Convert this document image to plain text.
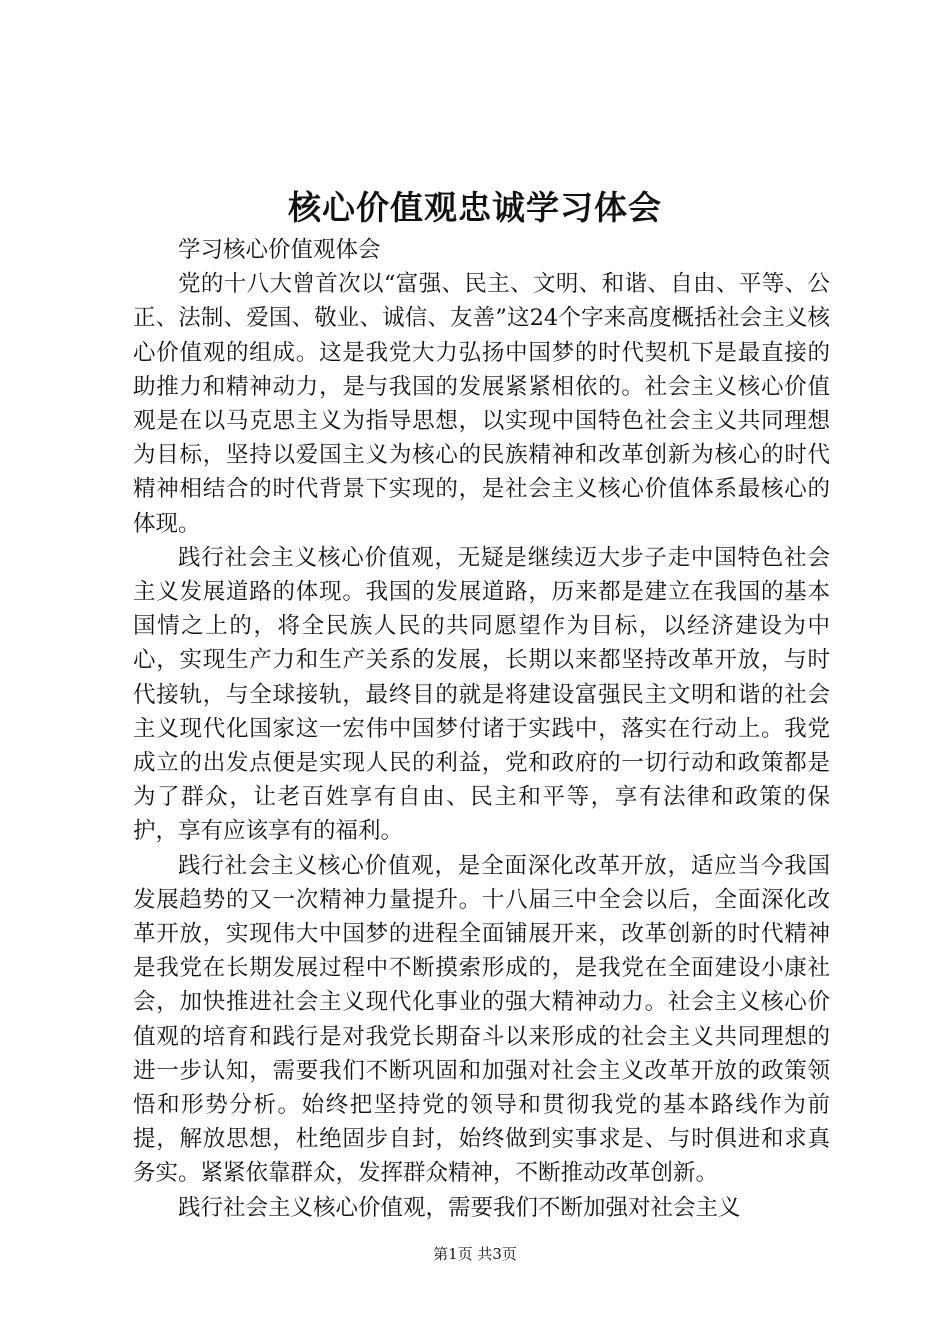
核心价值观忠诚学习体会

学习核心价值观体会

党的十八大曾首次以“富强、民主、文明、和谐、自由、平等、公正、法制、爱国、敬业、诚信、友善”这24个字来高度概括社会主义核心价值观的组成。这是我党大力弘扬中国梦的时代契机下是最直接的助推力和精神动力，是与我国的发展紧紧相依的。社会主义核心价值观是在以马克思主义为指导思想，以实现中国特色社会主义共同理想为目标，坚持以爱国主义为核心的民族精神和改革创新为核心的时代精神相结合的时代背景下实现的，是社会主义核心价值体系最核心的体现。

践行社会主义核心价值观，无疑是继续迈大步子走中国特色社会主义发展道路的体现。我国的发展道路，历来都是建立在我国的基本国情之上的，将全民族人民的共同愿望作为目标，以经济建设为中心，实现生产力和生产关系的发展，长期以来都坚持改革开放，与时代接轨，与全球接轨，最终目的就是将建设富强民主文明和谐的社会主义现代化国家这一宏伟中国梦付诸于实践中，落实在行动上。我党成立的出发点便是实现人民的利益，党和政府的一切行动和政策都是为了群众，让老百姓享有自由、民主和平等，享有法律和政策的保护，享有应该享有的福利。

践行社会主义核心价值观，是全面深化改革开放，适应当今我国发展趋势的又一次精神力量提升。十八届三中全会以后，全面深化改革开放，实现伟大中国梦的进程全面铺展开来，改革创新的时代精神是我党在长期发展过程中不断摸索形成的，是我党在全面建设小康社会，加快推进社会主义现代化事业的强大精神动力。社会主义核心价值观的培育和践行是对我党长期奋斗以来形成的社会主义共同理想的进一步认知，需要我们不断巩固和加强对社会主义改革开放的政策领悟和形势分析。始终把坚持党的领导和贯彻我党的基本路线作为前提，解放思想，杜绝固步自封，始终做到实事求是、与时俱进和求真务实。紧紧依靠群众，发挥群众精神，不断推动改革创新。

践行社会主义核心价值观，需要我们不断加强对社会主义

第1页 共3页
